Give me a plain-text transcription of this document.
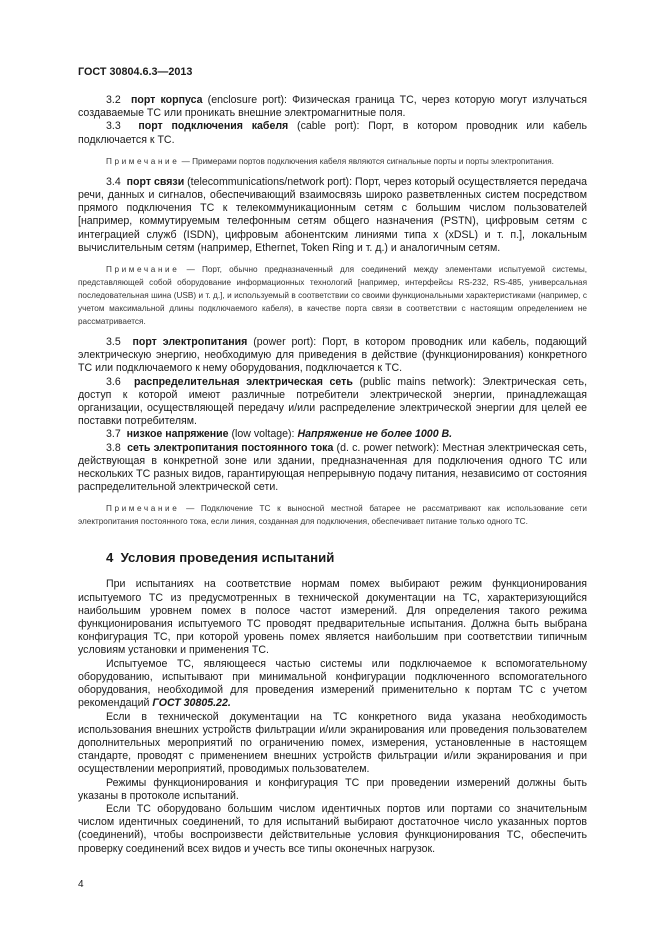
ГОСТ 30804.6.3—2013

3.2 порт корпуса (enclosure port): Физическая граница ТС, через которую могут излучаться создаваемые ТС или проникать внешние электромагнитные поля.

3.3 порт подключения кабеля (cable port): Порт, в котором проводник или кабель подключается к ТС.

Примечание — Примерами портов подключения кабеля являются сигнальные порты и порты электропитания.

3.4 порт связи (telecommunications/network port): Порт, через который осуществляется передача речи, данных и сигналов, обеспечивающий взаимосвязь широко разветвленных систем посредством прямого подключения ТС к телекоммуникационным сетям с большим числом пользователей [например, коммутируемым телефонным сетям общего назначения (PSTN), цифровым сетям с интеграцией служб (ISDN), цифровым абонентским линиями типа x (xDSL) и т. п.], локальным вычислительным сетям (например, Ethernet, Token Ring и т. д.) и аналогичным сетям.

Примечание — Порт, обычно предназначенный для соединений между элементами испытуемой системы, представляющей собой оборудование информационных технологий [например, интерфейсы RS-232, RS-485, универсальная последовательная шина (USB) и т. д.], и используемый в соответствии со своими функциональными характеристиками (например, с учетом максимальной длины подключаемого кабеля), в качестве порта связи в соответствии с настоящим определением не рассматривается.

3.5 порт электропитания (power port): Порт, в котором проводник или кабель, подающий электрическую энергию, необходимую для приведения в действие (функционирования) конкретного ТС или подключаемого к нему оборудования, подключается к ТС.

3.6 распределительная электрическая сеть (public mains network): Электрическая сеть, доступ к которой имеют различные потребители электрической энергии, принадлежащая организации, осуществляющей передачу и/или распределение электрической энергии для целей ее поставки потребителям.

3.7 низкое напряжение (low voltage): Напряжение не более 1000 В.

3.8 сеть электропитания постоянного тока (d. c. power network): Местная электрическая сеть, действующая в конкретной зоне или здании, предназначенная для подключения одного ТС или нескольких ТС разных видов, гарантирующая непрерывную подачу питания, независимо от состояния распределительной электрической сети.

Примечание — Подключение ТС к выносной местной батарее не рассматривают как использование сети электропитания постоянного тока, если линия, созданная для подключения, обеспечивает питание только одного ТС.

4  Условия проведения испытаний

При испытаниях на соответствие нормам помех выбирают режим функционирования испытуемого ТС из предусмотренных в технической документации на ТС, характеризующийся наибольшим уровнем помех в полосе частот измерений. Для определения такого режима функционирования испытуемого ТС проводят предварительные испытания. Должна быть выбрана конфигурация ТС, при которой уровень помех является наибольшим при соответствии типичным условиям установки и применения ТС.

Испытуемое ТС, являющееся частью системы или подключаемое к вспомогательному оборудованию, испытывают при минимальной конфигурации подключенного вспомогательного оборудования, необходимой для проведения измерений применительно к портам ТС с учетом рекомендаций ГОСТ 30805.22.

Если в технической документации на ТС конкретного вида указана необходимость использования внешних устройств фильтрации и/или экранирования или проведения пользователем дополнительных мероприятий по ограничению помех, измерения, установленные в настоящем стандарте, проводят с применением внешних устройств фильтрации и/или экранирования и при осуществлении мероприятий, проводимых пользователем.

Режимы функционирования и конфигурация ТС при проведении измерений должны быть указаны в протоколе испытаний.

Если ТС оборудовано большим числом идентичных портов или портами со значительным числом идентичных соединений, то для испытаний выбирают достаточное число указанных портов (соединений), чтобы воспроизвести действительные условия функционирования ТС, обеспечить проверку соединений всех видов и учесть все типы оконечных нагрузок.

4
